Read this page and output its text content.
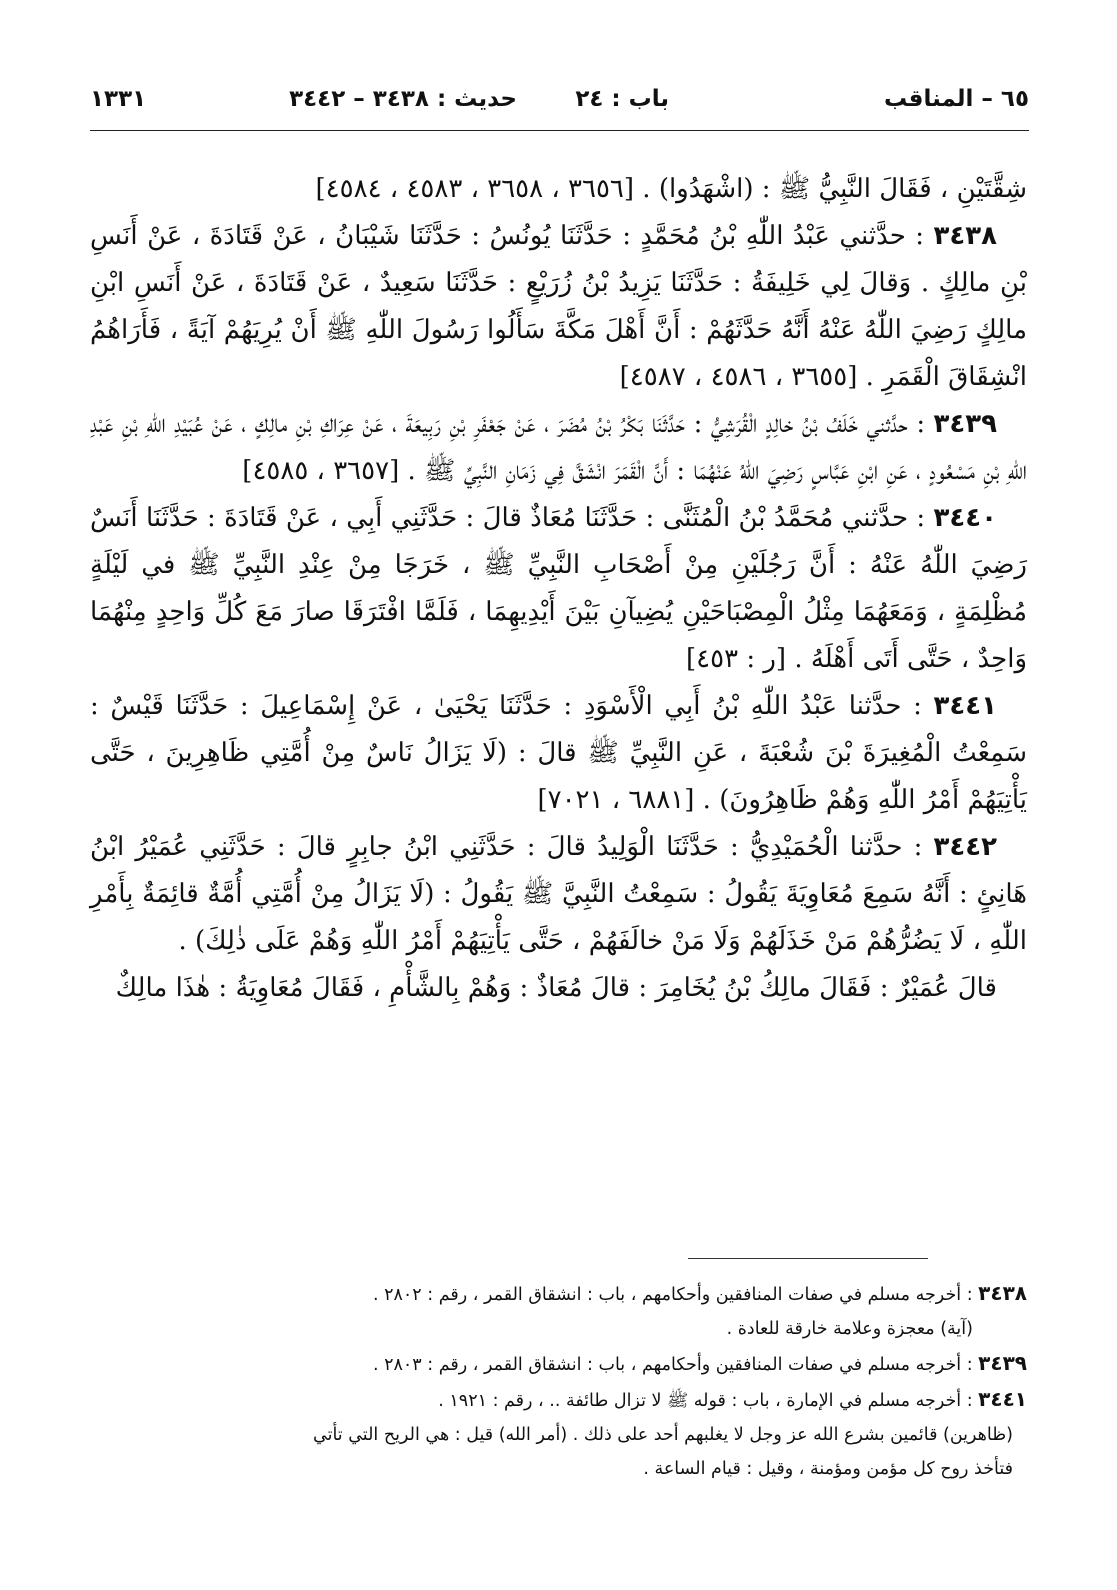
٦٥ – المناقب
باب : ٢٤
حديث : ٣٤٣٨ – ٣٤٤٢
١٣٣١

شِقَّتَيْنِ ، فَقَالَ النَّبِيُّ ﷺ : (اشْهَدُوا) . [٣٦٥٦ ، ٣٦٥٨ ، ٤٥٨٣ ، ٤٥٨٤]

٣٤٣٨ : حدَّثني عَبْدُ اللّٰهِ بْنُ مُحَمَّدٍ : حَدَّثَنَا يُونُسُ : حَدَّثَنَا شَيْبَانُ ، عَنْ قَتَادَةَ ، عَنْ أَنَسِ بْنِ مالِكٍ . وَقالَ لِي خَلِيفَةُ : حَدَّثَنَا يَزِيدُ بْنُ زُرَيْعٍ : حَدَّثَنَا سَعِيدٌ ، عَنْ قَتَادَةَ ، عَنْ أَنَسِ ابْنِ مالِكٍ رَضِيَ اللّٰهُ عَنْهُ أَنَّهُ حَدَّثَهُمْ : أَنَّ أَهْلَ مَكَّةَ سَأَلُوا رَسُولَ اللّٰهِ ﷺ أَنْ يُرِيَهُمْ آيَةً ، فَأَرَاهُمُ انْشِقَاقَ الْقَمَرِ . [٣٦٥٥ ، ٤٥٨٦ ، ٤٥٨٧]

٣٤٣٩ : حدَّثني خَلَفُ بْنُ خالِدٍ الْقُرَشِيُّ : حَدَّثَنَا بَكْرُ بْنُ مُضَرَ ، عَنْ جَعْفَرِ بْنِ رَبِيعَةَ ، عَنْ عِرَاكِ بْنِ مالِكٍ ، عَنْ عُبَيْدِ اللّٰهِ بْنِ عَبْدِ اللّٰهِ بْنِ مَسْعُودٍ ، عَنِ ابْنِ عَبَّاسٍ رَضِيَ اللّٰهُ عَنْهُمَا : أَنَّ الْقَمَرَ انْشَقَّ فِي زَمَانِ النَّبِيِّ ﷺ . [٣٦٥٧ ، ٤٥٨٥]

٣٤٤٠ : حدَّثني مُحَمَّدُ بْنُ الْمُثَنَّى : حَدَّثَنَا مُعَاذٌ قالَ : حَدَّثَنِي أَبِي ، عَنْ قَتَادَةَ : حَدَّثَنَا أَنَسٌ رَضِيَ اللّٰهُ عَنْهُ : أَنَّ رَجُلَيْنِ مِنْ أَصْحَابِ النَّبِيِّ ﷺ ، خَرَجَا مِنْ عِنْدِ النَّبِيِّ ﷺ في لَيْلَةٍ مُظْلِمَةٍ ، وَمَعَهُمَا مِثْلُ الْمِصْبَاحَيْنِ يُضِيآنِ بَيْنَ أَيْدِيهِمَا ، فَلَمَّا افْتَرَقَا صارَ مَعَ كُلِّ وَاحِدٍ مِنْهُمَا وَاحِدٌ ، حَتَّى أَتَى أَهْلَهُ . [ر : ٤٥٣]

٣٤٤١ : حدَّثنا عَبْدُ اللّٰهِ بْنُ أَبِي الْأَسْوَدِ : حَدَّثَنَا يَحْيَىٰ ، عَنْ إِسْمَاعِيلَ : حَدَّثَنَا قَيْسٌ : سَمِعْتُ الْمُغِيرَةَ بْنَ شُعْبَةَ ، عَنِ النَّبِيِّ ﷺ قالَ : (لَا يَزَالُ نَاسٌ مِنْ أُمَّتِي ظَاهِرِينَ ، حَتَّى يَأْتِيَهُمْ أَمْرُ اللّٰهِ وَهُمْ ظَاهِرُونَ) . [٦٨٨١ ، ٧٠٢١]

٣٤٤٢ : حدَّثنا الْحُمَيْدِيُّ : حَدَّثَنَا الْوَلِيدُ قالَ : حَدَّثَنِي ابْنُ جابِرٍ قالَ : حَدَّثَنِي عُمَيْرُ ابْنُ هَانِئٍ : أَنَّهُ سَمِعَ مُعَاوِيَةَ يَقُولُ : سَمِعْتُ النَّبِيَّ ﷺ يَقُولُ : (لَا يَزَالُ مِنْ أُمَّتِي أُمَّةٌ قائِمَةٌ بِأَمْرِ اللّٰهِ ، لَا يَضُرُّهُمْ مَنْ خَذَلَهُمْ وَلَا مَنْ خالَفَهُمْ ، حَتَّى يَأْتِيَهُمْ أَمْرُ اللّٰهِ وَهُمْ عَلَى ذٰلِكَ) .

قالَ عُمَيْرٌ : فَقَالَ مالِكُ بْنُ يُخَامِرَ : قالَ مُعَاذٌ : وَهُمْ بِالشَّأْمِ ، فَقَالَ مُعَاوِيَةُ : هٰذَا مالِكٌ

٣٤٣٨ : أخرجه مسلم في صفات المنافقين وأحكامهم ، باب : انشقاق القمر ، رقم : ٢٨٠٢ .

(آية) معجزة وعلامة خارقة للعادة .

٣٤٣٩ : أخرجه مسلم في صفات المنافقين وأحكامهم ، باب : انشقاق القمر ، رقم : ٢٨٠٣ .

٣٤٤١ : أخرجه مسلم في الإمارة ، باب : قوله ﷺ لا تزال طائفة .. ، رقم : ١٩٢١ .

(ظاهرين) قائمين بشرع الله عز وجل لا يغلبهم أحد على ذلك . (أمر الله) قيل : هي الريح التي تأتي

فتأخذ روح كل مؤمن ومؤمنة ، وقيل : قيام الساعة .
